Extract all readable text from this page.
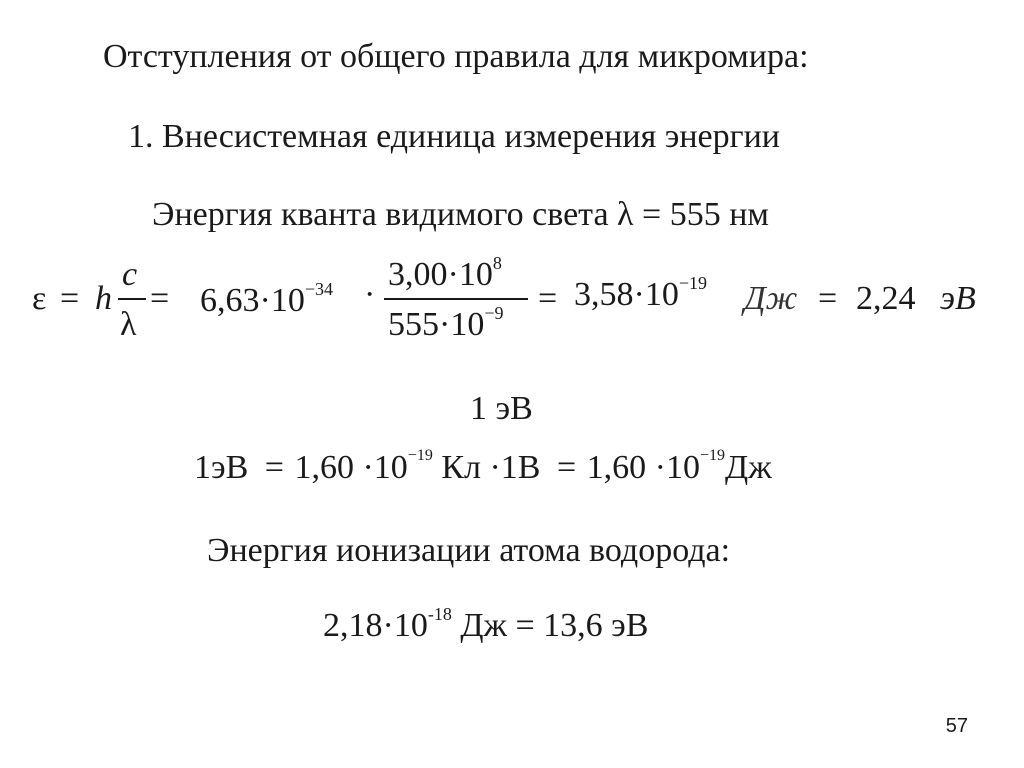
Отступления от общего правила для микромира:
1. Внесистемная единица измерения энергии
Энергия кванта видимого света λ = 555 нм
ε = h
c
λ
= $6,63\cdot 10^{-34}$ ·
$3,00\cdot 10^8$
$555\cdot 10^{-9} = 3,58\cdot 10^{-19}$ Дж = 2,24 эВ
1 эВ
$1эВ = 1,60 \cdot 10^{-19}$ Кл $\cdot 1В = 1,60 \cdot 10^{-19}Дж$
Энергия ионизации атома водорода:
$2,18\cdot 10^{-18}$ Дж = 13,6 эВ
57
